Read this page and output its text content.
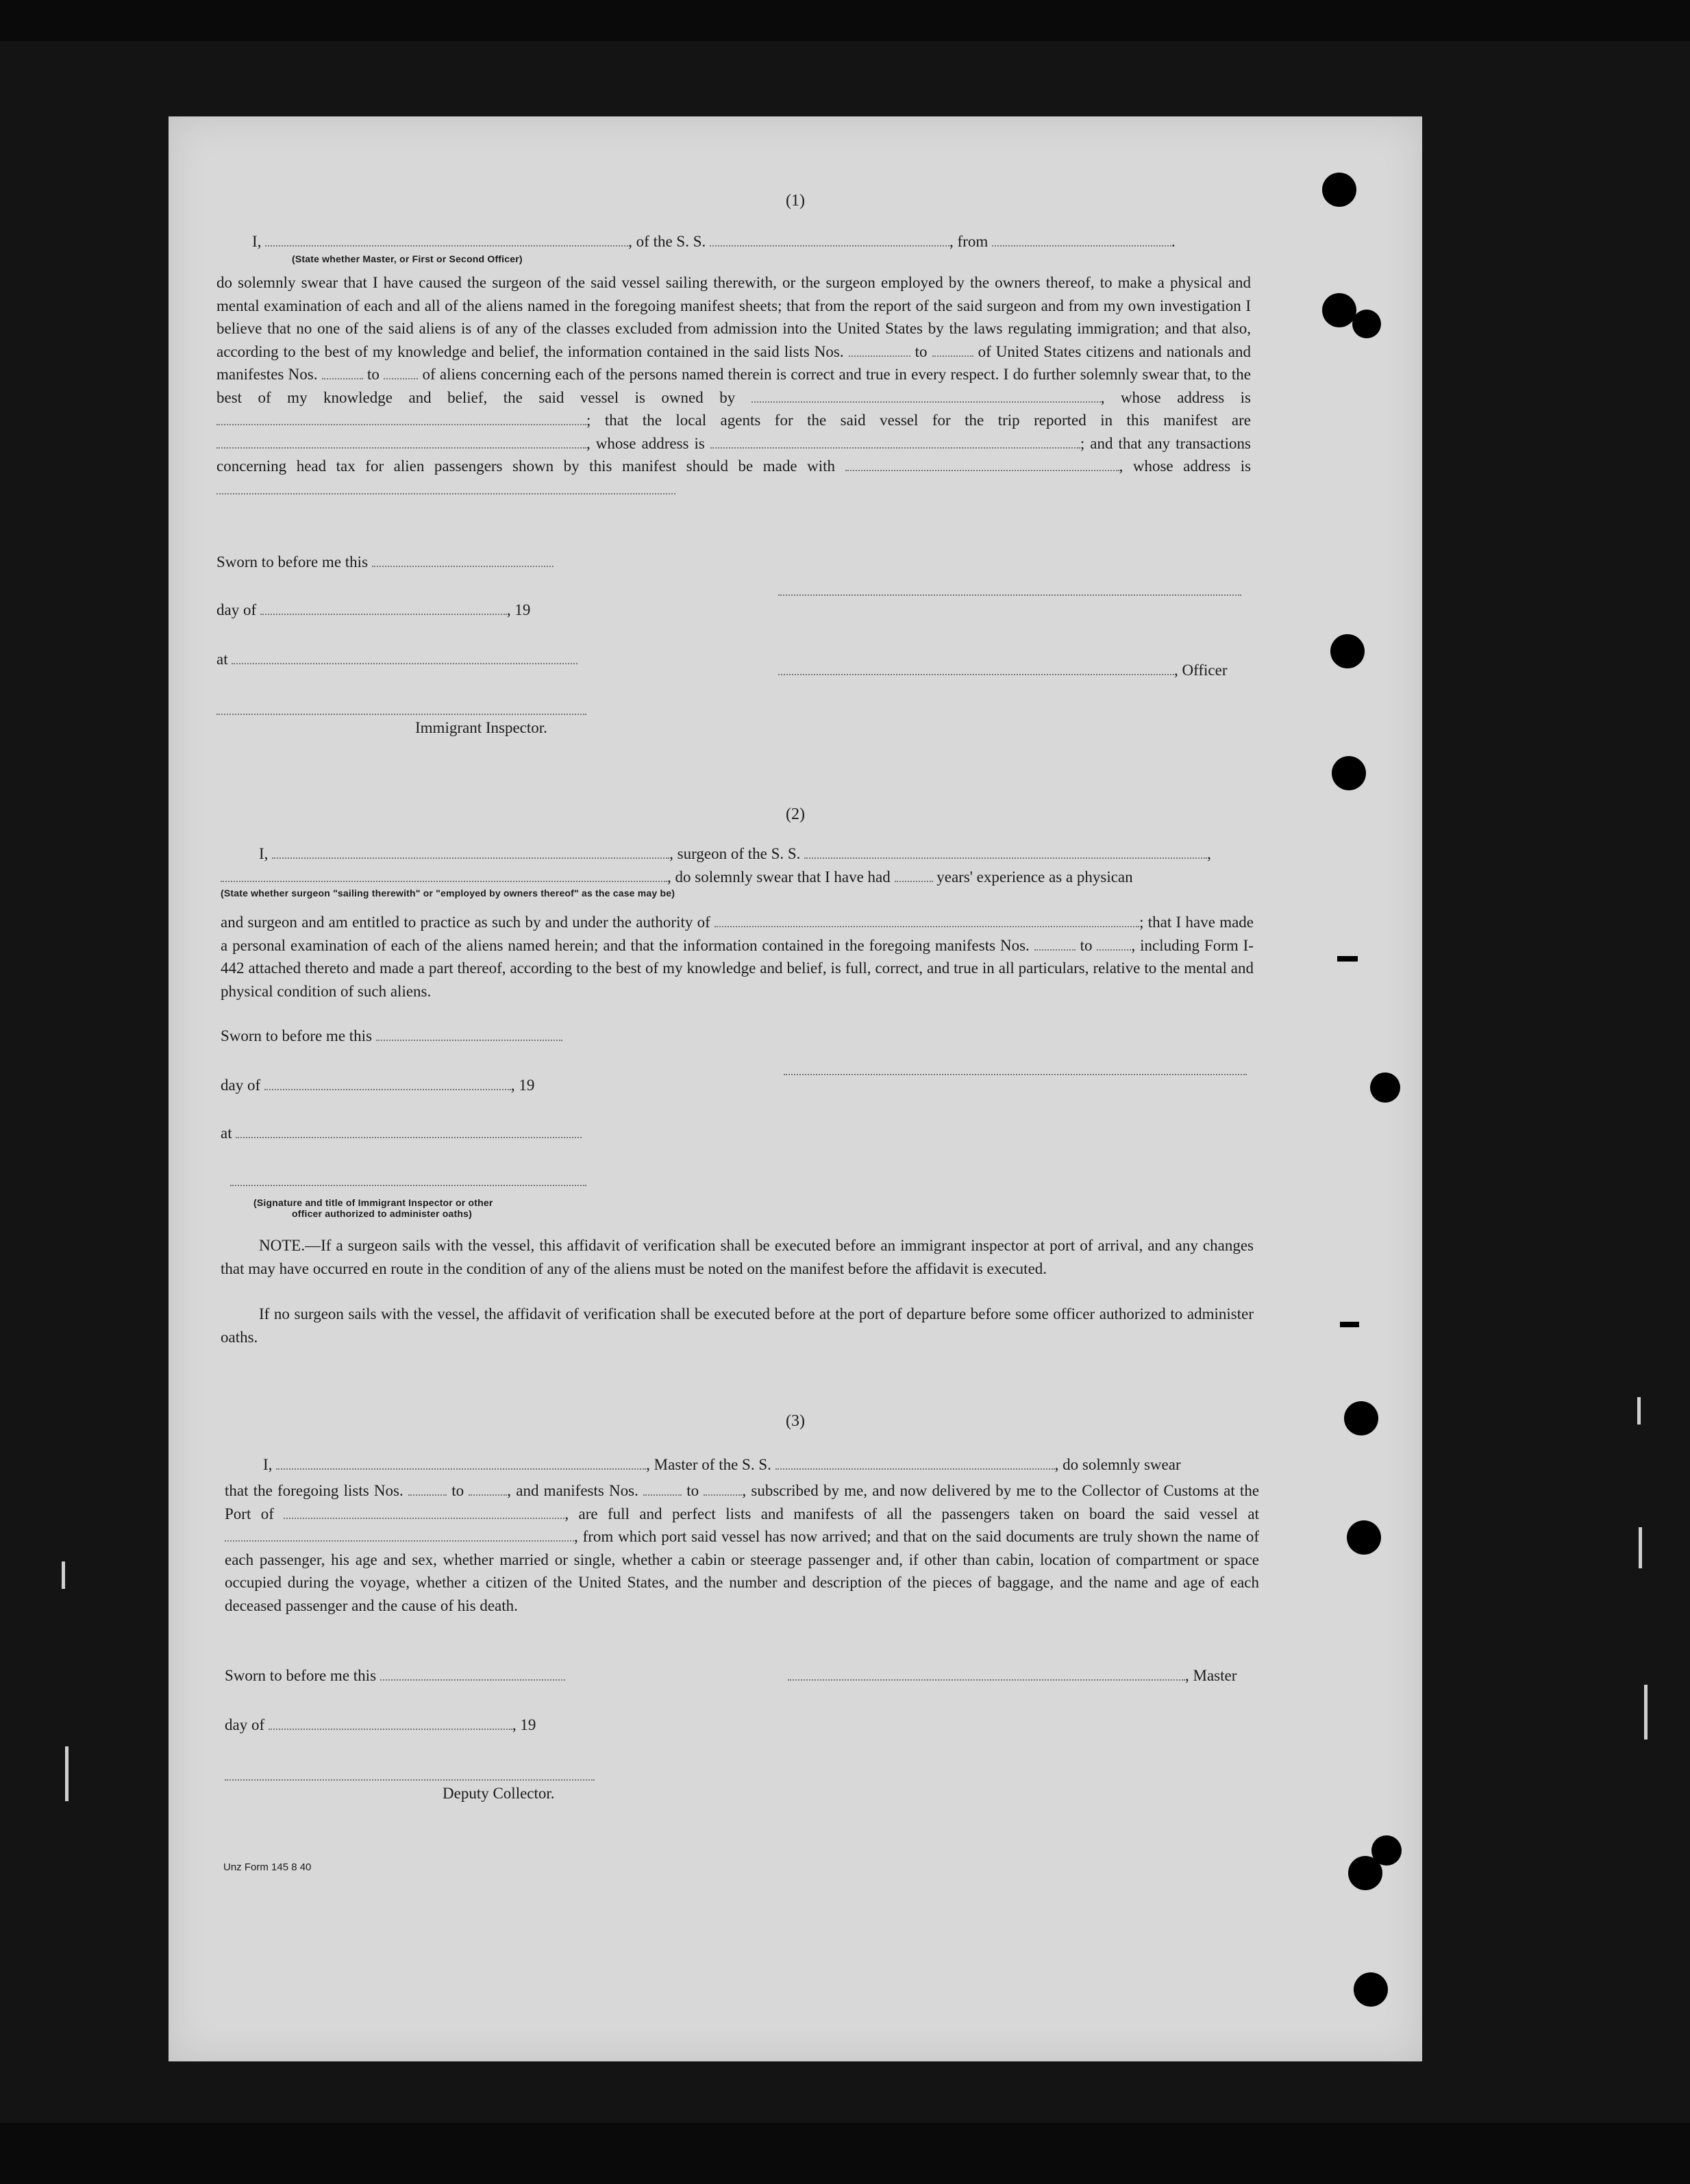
(1)
I,	, of the S. S.	, from	.
(State whether Master, or First or Second Officer)
do solemnly swear that I have caused the surgeon of the said vessel sailing therewith, or the surgeon employed by the owners thereof, to make a physical and mental examination of each and all of the aliens named in the foregoing manifest sheets; that from the report of the said surgeon and from my own investigation I believe that no one of the said aliens is of any of the classes excluded from admission into the United States by the laws regulating immigration; and that also, according to the best of my knowledge and belief, the information contained in the said lists Nos.	to	of United States citizens and nationals and manifestes Nos.	to	of aliens concerning each of the persons named therein is correct and true in every respect. I do further solemnly swear that, to the best of my knowledge and belief, the said vessel is owned by	, whose address is ; that the local agents for the said vessel for the trip reported in this manifest are , whose address is	; and that any transactions concerning head tax for alien passengers shown by this manifest should be made with	, whose address is
Sworn to before me this
day of	, 19
at
, Officer
Immigrant Inspector.
(2)
I,	, surgeon of the S. S.	,
, do solemnly swear that I have had	years' experience as a physican
(State whether surgeon "sailing therewith" or "employed by owners thereof" as the case may be)
and surgeon and am entitled to practice as such by and under the authority of	; that I have made a personal examination of each of the aliens named herein; and that the information contained in the foregoing manifests Nos.	to , including Form I-442 attached thereto and made a part thereof, according to the best of my knowledge and belief, is full, correct, and true in all particulars, relative to the mental and physical condition of such aliens.
Sworn to before me this
day of	, 19
at
(Signature and title of Immigrant Inspector or other
officer authorized to administer oaths)
NOTE.—If a surgeon sails with the vessel, this affidavit of verification shall be executed before an immigrant inspector at port of arrival, and any changes that may have occurred en route in the condition of any of the aliens must be noted on the manifest before the affidavit is executed.
If no surgeon sails with the vessel, the affidavit of verification shall be executed before at the port of departure before some officer authorized to administer oaths.
(3)
I,	, Master of the S. S.	, do solemnly swear
that the foregoing lists Nos.	to	, and manifests Nos.	to	, subscribed by me, and now delivered by me to the Collector of Customs at the Port of	, are full and perfect lists and manifests of all the passengers taken on board the said vessel at , from which port said vessel has now arrived; and that on the said documents are truly shown the name of each passenger, his age and sex, whether married or single, whether a cabin or steerage passenger and, if other than cabin, location of compartment or space occupied during the voyage, whether a citizen of the United States, and the number and description of the pieces of baggage, and the name and age of each deceased passenger and the cause of his death.
Sworn to before me this	, Master
day of	, 19
Deputy Collector.
Unz Form 145 8 40
